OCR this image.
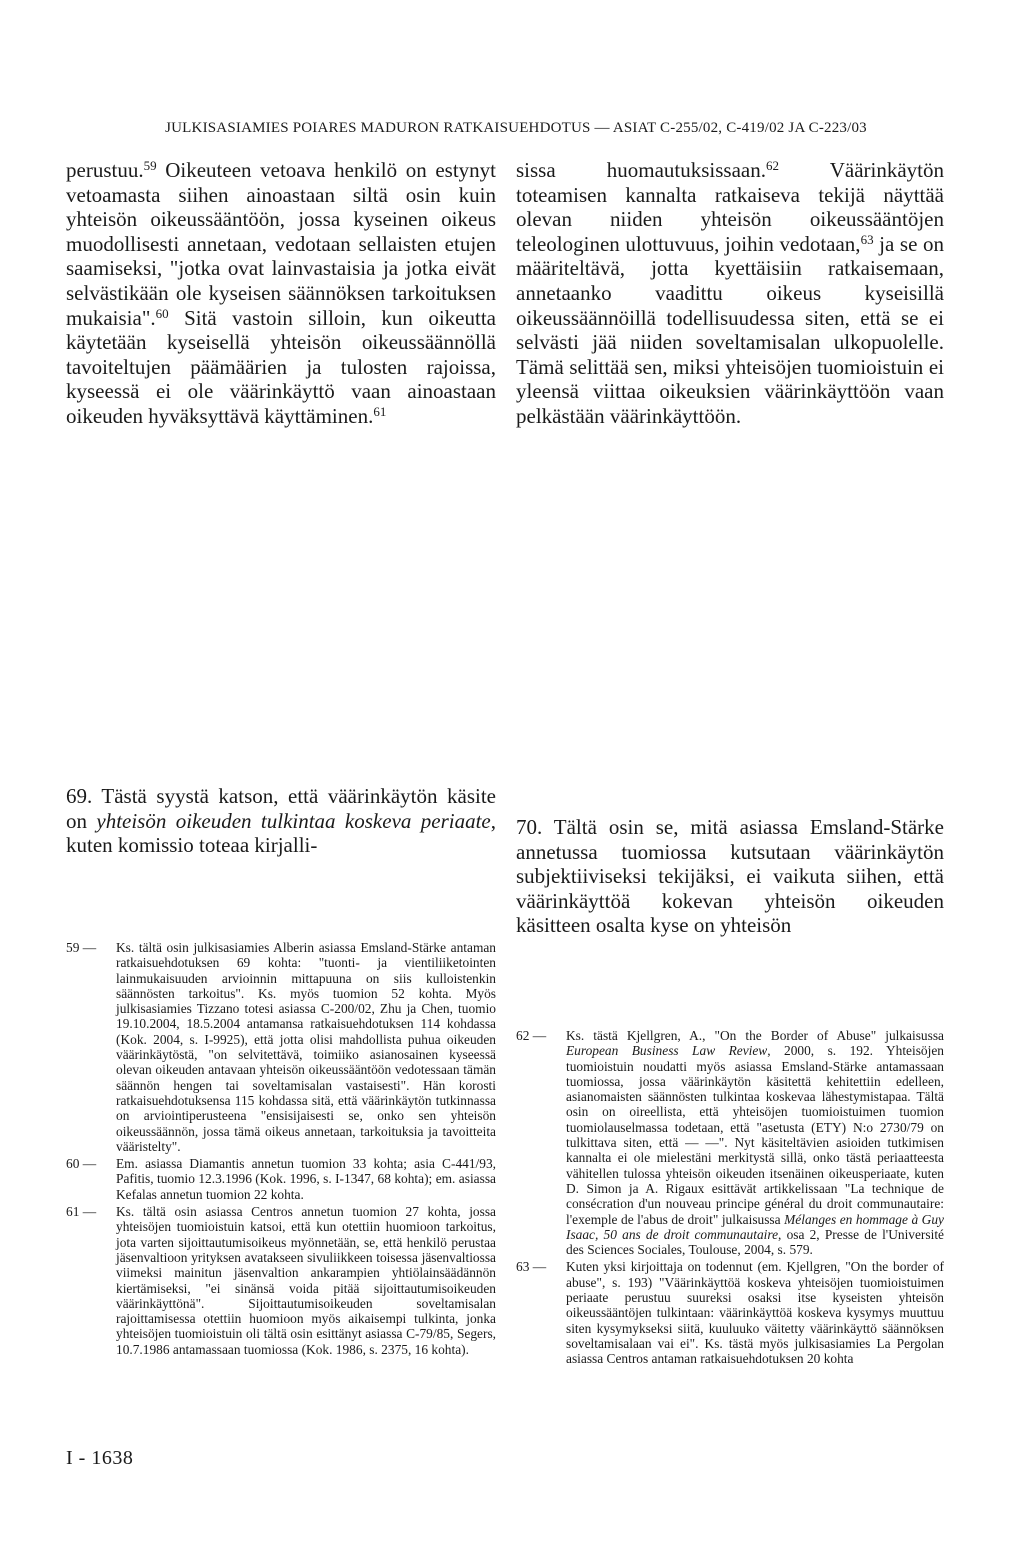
JULKISASIAMIES POIARES MADURON RATKAISUEHDOTUS — ASIAT C-255/02, C-419/02 JA C-223/03
perustuu.$^{59}$ Oikeuteen vetoava henkilö on estynyt vetoamasta siihen ainoastaan siltä osin kuin yhteisön oikeussääntöön, jossa kyseinen oikeus muodollisesti annetaan, vedotaan sellaisten etujen saamiseksi, "jotka ovat lainvastaisia ja jotka eivät selvästikään ole kyseisen säännöksen tarkoituksen mukaisia".$^{60}$ Sitä vastoin silloin, kun oikeutta käytetään kyseisellä yhteisön oikeussäännöllä tavoiteltujen päämäärien ja tulosten rajoissa, kyseessä ei ole väärinkäyttö vaan ainoastaan oikeuden hyväksyttävä käyttäminen.$^{61}$
sissa huomautuksissaan.$^{62}$ Väärinkäytön toteamisen kannalta ratkaiseva tekijä näyttää olevan niiden yhteisön oikeussääntöjen teleologinen ulottuvuus, joihin vedotaan,$^{63}$ ja se on määriteltävä, jotta kyettäisiin ratkaisemaan, annetaanko vaadittu oikeus kyseisillä oikeussäännöillä todellisuudessa siten, että se ei selvästi jää niiden soveltamisalan ulkopuolelle. Tämä selittää sen, miksi yhteisöjen tuomioistuin ei yleensä viittaa oikeuksien väärinkäyttöön vaan pelkästään väärinkäyttöön.
69. Tästä syystä katson, että väärinkäytön käsite on yhteisön oikeuden tulkintaa koskeva periaate, kuten komissio toteaa kirjalli-
70. Tältä osin se, mitä asiassa Emsland-Stärke annetussa tuomiossa kutsutaan väärinkäytön subjektiiviseksi tekijäksi, ei vaikuta siihen, että väärinkäyttöä kokevan yhteisön oikeuden käsitteen osalta kyse on yhteisön
59 —	Ks. tältä osin julkisasiamies Alberin asiassa Emsland-Stärke antaman ratkaisuehdotuksen 69 kohta: "tuonti- ja vientiliiketointen lainmukaisuuden arvioinnin mittapuuna on siis kulloistenkin säännösten tarkoitus". Ks. myös tuomion 52 kohta. Myös julkisasiamies Tizzano totesi asiassa C-200/02, Zhu ja Chen, tuomio 19.10.2004, 18.5.2004 antamansa ratkaisuehdotuksen 114 kohdassa (Kok. 2004, s. I-9925), että jotta olisi mahdollista puhua oikeuden väärinkäytöstä, "on selvitettävä, toimiiko asianosainen kyseessä olevan oikeuden antavaan yhteisön oikeussääntöön vedotessaan tämän säännön hengen tai soveltamisalan vastaisesti". Hän korosti ratkaisuehdotuksensa 115 kohdassa sitä, että väärinkäytön tutkinnassa on arviointiperusteena "ensisijaisesti se, onko sen yhteisön oikeussäännön, jossa tämä oikeus annetaan, tarkoituksia ja tavoitteita vääristelty".
60 —	Em. asiassa Diamantis annetun tuomion 33 kohta; asia C-441/93, Pafitis, tuomio 12.3.1996 (Kok. 1996, s. I-1347, 68 kohta); em. asiassa Kefalas annetun tuomion 22 kohta.
61 —	Ks. tältä osin asiassa Centros annetun tuomion 27 kohta, jossa yhteisöjen tuomioistuin katsoi, että kun otettiin huomioon tarkoitus, jota varten sijoittautumisoikeus myönnetään, se, että henkilö perustaa jäsenvaltioon yrityksen avatakseen sivuliikkeen toisessa jäsenvaltiossa viimeksi mainitun jäsenvaltion ankarampien yhtiölainsäädännön kiertämiseksi, "ei sinänsä voida pitää sijoittautumisoikeuden väärinkäyttönä". Sijoittautumisoikeuden soveltamisalan rajoittamisessa otettiin huomioon myös aikaisempi tulkinta, jonka yhteisöjen tuomioistuin oli tältä osin esittänyt asiassa C-79/85, Segers, 10.7.1986 antamassaan tuomiossa (Kok. 1986, s. 2375, 16 kohta).
62 —	Ks. tästä Kjellgren, A., "On the Border of Abuse" julkaisussa European Business Law Review, 2000, s. 192. Yhteisöjen tuomioistuin noudatti myös asiassa Emsland-Stärke antamassaan tuomiossa, jossa väärinkäytön käsitettä kehitettiin edelleen, asianomaisten säännösten tulkintaa koskevaa lähestymistapaa. Tältä osin on oireellista, että yhteisöjen tuomioistuimen tuomion tuomiolauselmassa todetaan, että "asetusta (ETY) N:o 2730/79 on tulkittava siten, että — —". Nyt käsiteltävien asioiden tutkimisen kannalta ei ole mielestäni merkitystä sillä, onko tästä periaatteesta vähitellen tulossa yhteisön oikeuden itsenäinen oikeusperiaate, kuten D. Simon ja A. Rigaux esittävät artikkelissaan "La technique de consécration d'un nouveau principe général du droit communautaire: l'exemple de l'abus de droit" julkaisussa Mélanges en hommage à Guy Isaac, 50 ans de droit communautaire, osa 2, Presse de l'Université des Sciences Sociales, Toulouse, 2004, s. 579.
63 —	Kuten yksi kirjoittaja on todennut (em. Kjellgren, "On the border of abuse", s. 193) "Väärinkäyttöä koskeva yhteisöjen tuomioistuimen periaate perustuu suureksi osaksi itse kyseisten yhteisön oikeussääntöjen tulkintaan: väärinkäyttöä koskeva kysymys muuttuu siten kysymykseksi siitä, kuuluuko väitetty väärinkäyttö säännöksen soveltamisalaan vai ei". Ks. tästä myös julkisasiamies La Pergolan asiassa Centros antaman ratkaisuehdotuksen 20 kohta
I - 1638
